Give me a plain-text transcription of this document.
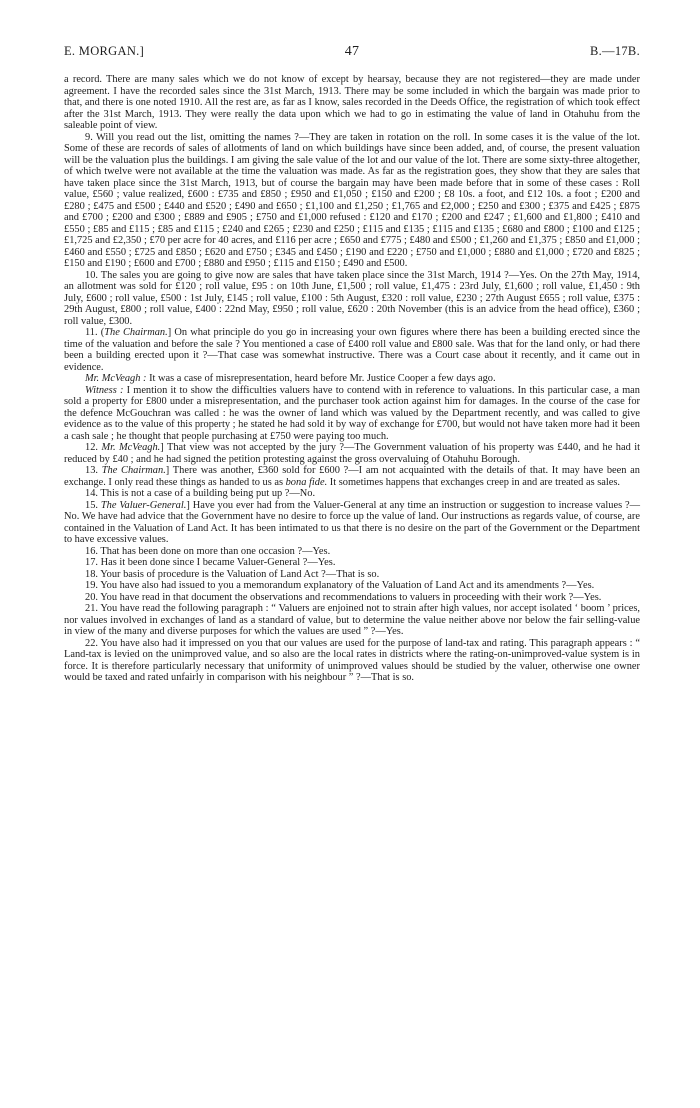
E. MORGAN.]	47	B.—17B.

a record. There are many sales which we do not know of except by hearsay, because they are not registered—they are made under agreement. I have the recorded sales since the 31st March, 1913. There may be some included in which the bargain was made prior to that, and there is one noted 1910. All the rest are, as far as I know, sales recorded in the Deeds Office, the registration of which took effect after the 31st March, 1913. They were really the data upon which we had to go in estimating the value of land in Otahuhu from the saleable point of view.

9. Will you read out the list, omitting the names ?—They are taken in rotation on the roll. In some cases it is the value of the lot. Some of these are records of sales of allotments of land on which buildings have since been added, and, of course, the present valuation will be the valuation plus the buildings. I am giving the sale value of the lot and our value of the lot. There are some sixty-three altogether, of which twelve were not available at the time the valuation was made. As far as the registration goes, they show that they are sales that have taken place since the 31st March, 1913, but of course the bargain may have been made before that in some of these cases : Roll value, £560 ; value realized, £600 : £735 and £850 ; £950 and £1,050 ; £150 and £200 ; £8 10s. a foot, and £12 10s. a foot ; £200 and £280 ; £475 and £500 ; £440 and £520 ; £490 and £650 ; £1,100 and £1,250 ; £1,765 and £2,000 ; £250 and £300 ; £375 and £425 ; £875 and £700 ; £200 and £300 ; £889 and £905 ; £750 and £1,000 refused : £120 and £170 ; £200 and £247 ; £1,600 and £1,800 ; £410 and £550 ; £85 and £115 ; £85 and £115 ; £240 and £265 ; £230 and £250 ; £115 and £135 ; £115 and £135 ; £680 and £800 ; £100 and £125 ; £1,725 and £2,350 ; £70 per acre for 40 acres, and £116 per acre ; £650 and £775 ; £480 and £500 ; £1,260 and £1,375 ; £850 and £1,000 ; £460 and £550 ; £725 and £850 ; £620 and £750 ; £345 and £450 ; £190 and £220 ; £750 and £1,000 ; £880 and £1,000 ; £720 and £825 ; £150 and £190 ; £600 and £700 ; £880 and £950 ; £115 and £150 ; £490 and £500.

10. The sales you are going to give now are sales that have taken place since the 31st March, 1914 ?—Yes. On the 27th May, 1914, an allotment was sold for £120 ; roll value, £95 : on 10th June, £1,500 ; roll value, £1,475 : 23rd July, £1,600 ; roll value, £1,450 : 9th July, £600 ; roll value, £500 : 1st July, £145 ; roll value, £100 : 5th August, £320 : roll value, £230 ; 27th August £655 ; roll value, £375 : 29th August, £800 ; roll value, £400 : 22nd May, £950 ; roll value, £620 : 20th November (this is an advice from the head office), £360 ; roll value, £300.

11. (The Chairman.] On what principle do you go in increasing your own figures where there has been a building erected since the time of the valuation and before the sale ? You mentioned a case of £400 roll value and £800 sale. Was that for the land only, or had there been a building erected upon it ?—That case was somewhat instructive. There was a Court case about it recently, and it came out in evidence.

Mr. McVeagh : It was a case of misrepresentation, heard before Mr. Justice Cooper a few days ago.

Witness : I mention it to show the difficulties valuers have to contend with in reference to valuations. In this particular case, a man sold a property for £800 under a misrepresentation, and the purchaser took action against him for damages. In the course of the case for the defence McGouchran was called : he was the owner of land which was valued by the Department recently, and was called to give evidence as to the value of this property ; he stated he had sold it by way of exchange for £700, but would not have taken more had it been a cash sale ; he thought that people purchasing at £750 were paying too much.

12. Mr. McVeagh.] That view was not accepted by the jury ?—The Government valuation of his property was £440, and he had it reduced by £40 ; and he had signed the petition protesting against the gross overvaluing of Otahuhu Borough.

13. The Chairman.] There was another, £360 sold for £600 ?—I am not acquainted with the details of that. It may have been an exchange. I only read these things as handed to us as bona fide. It sometimes happens that exchanges creep in and are treated as sales.

14. This is not a case of a building being put up ?—No.

15. The Valuer-General.] Have you ever had from the Valuer-General at any time an instruction or suggestion to increase values ?—No. We have had advice that the Government have no desire to force up the value of land. Our instructions as regards value, of course, are contained in the Valuation of Land Act. It has been intimated to us that there is no desire on the part of the Government or the Department to have excessive values.

16. That has been done on more than one occasion ?—Yes.

17. Has it been done since I became Valuer-General ?—Yes.

18. Your basis of procedure is the Valuation of Land Act ?—That is so.

19. You have also had issued to you a memorandum explanatory of the Valuation of Land Act and its amendments ?—Yes.

20. You have read in that document the observations and recommendations to valuers in proceeding with their work ?—Yes.

21. You have read the following paragraph : “ Valuers are enjoined not to strain after high values, nor accept isolated ‘ boom ’ prices, nor values involved in exchanges of land as a standard of value, but to determine the value neither above nor below the fair selling-value in view of the many and diverse purposes for which the values are used ” ?—Yes.

22. You have also had it impressed on you that our values are used for the purpose of land-tax and rating. This paragraph appears : “ Land-tax is levied on the unimproved value, and so also are the local rates in districts where the rating-on-unimproved-value system is in force. It is therefore particularly necessary that uniformity of unimproved values should be studied by the valuer, otherwise one owner would be taxed and rated unfairly in comparison with his neighbour ” ?—That is so.
